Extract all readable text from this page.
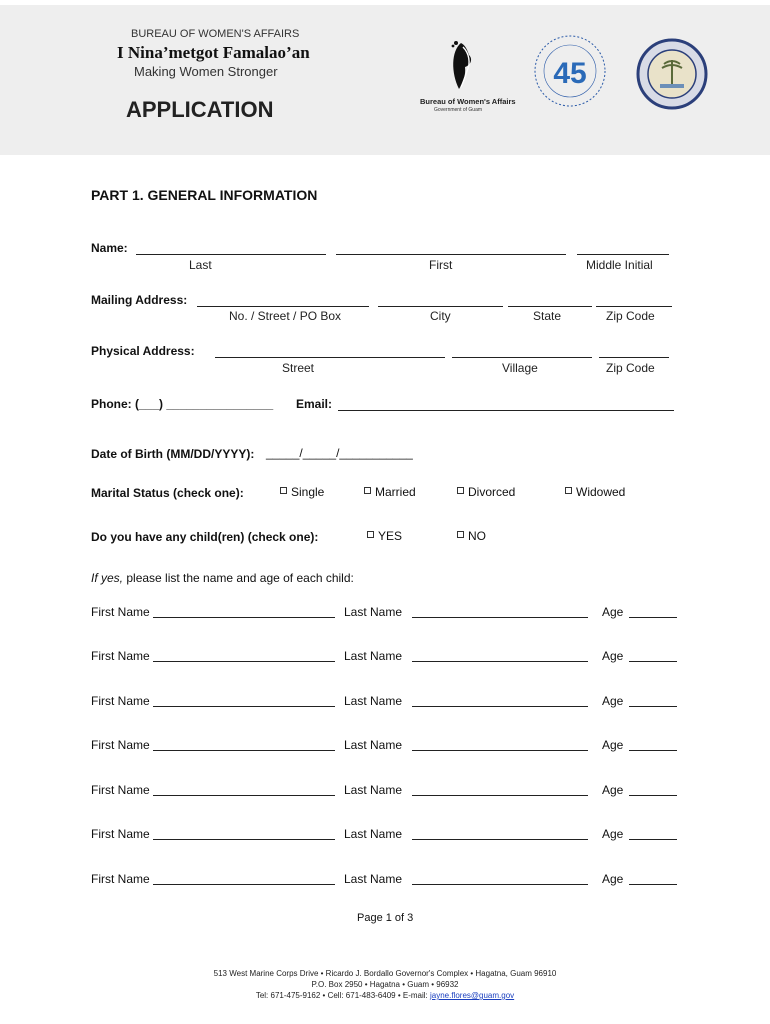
BUREAU OF WOMEN'S AFFAIRS
I Nina’metgot Famalao’an
Making Women Stronger
APPLICATION	Bureau of Women's Affairs
Government of Guam
45
PART 1. GENERAL INFORMATION
Name:
Last	First	Middle Initial
Mailing Address:
No. / Street / PO Box	City	State	Zip Code
Physical Address:
Street	Village	Zip Code
Phone: (___) ________________ Email:
Date of Birth (MM/DD/YYYY): _____/_____/___________
Marital Status (check one):	Single	Married	Divorced	Widowed
Do you have any child(ren) (check one):	YES	NO
If yes, please list the name and age of each child:
First Name	Last Name	Age
First Name	Last Name	Age
First Name	Last Name	Age
First Name	Last Name	Age
First Name	Last Name	Age
First Name	Last Name	Age
First Name	Last Name	Age
Page 1 of 3
513 West Marine Corps Drive • Ricardo J. Bordallo Governor's Complex • Hagatna, Guam 96910
P.O. Box 2950 • Hagatna • Guam • 96932
Tel: 671-475-9162 • Cell: 671-483-6409 • E-mail: jayne.flores@guam.gov
